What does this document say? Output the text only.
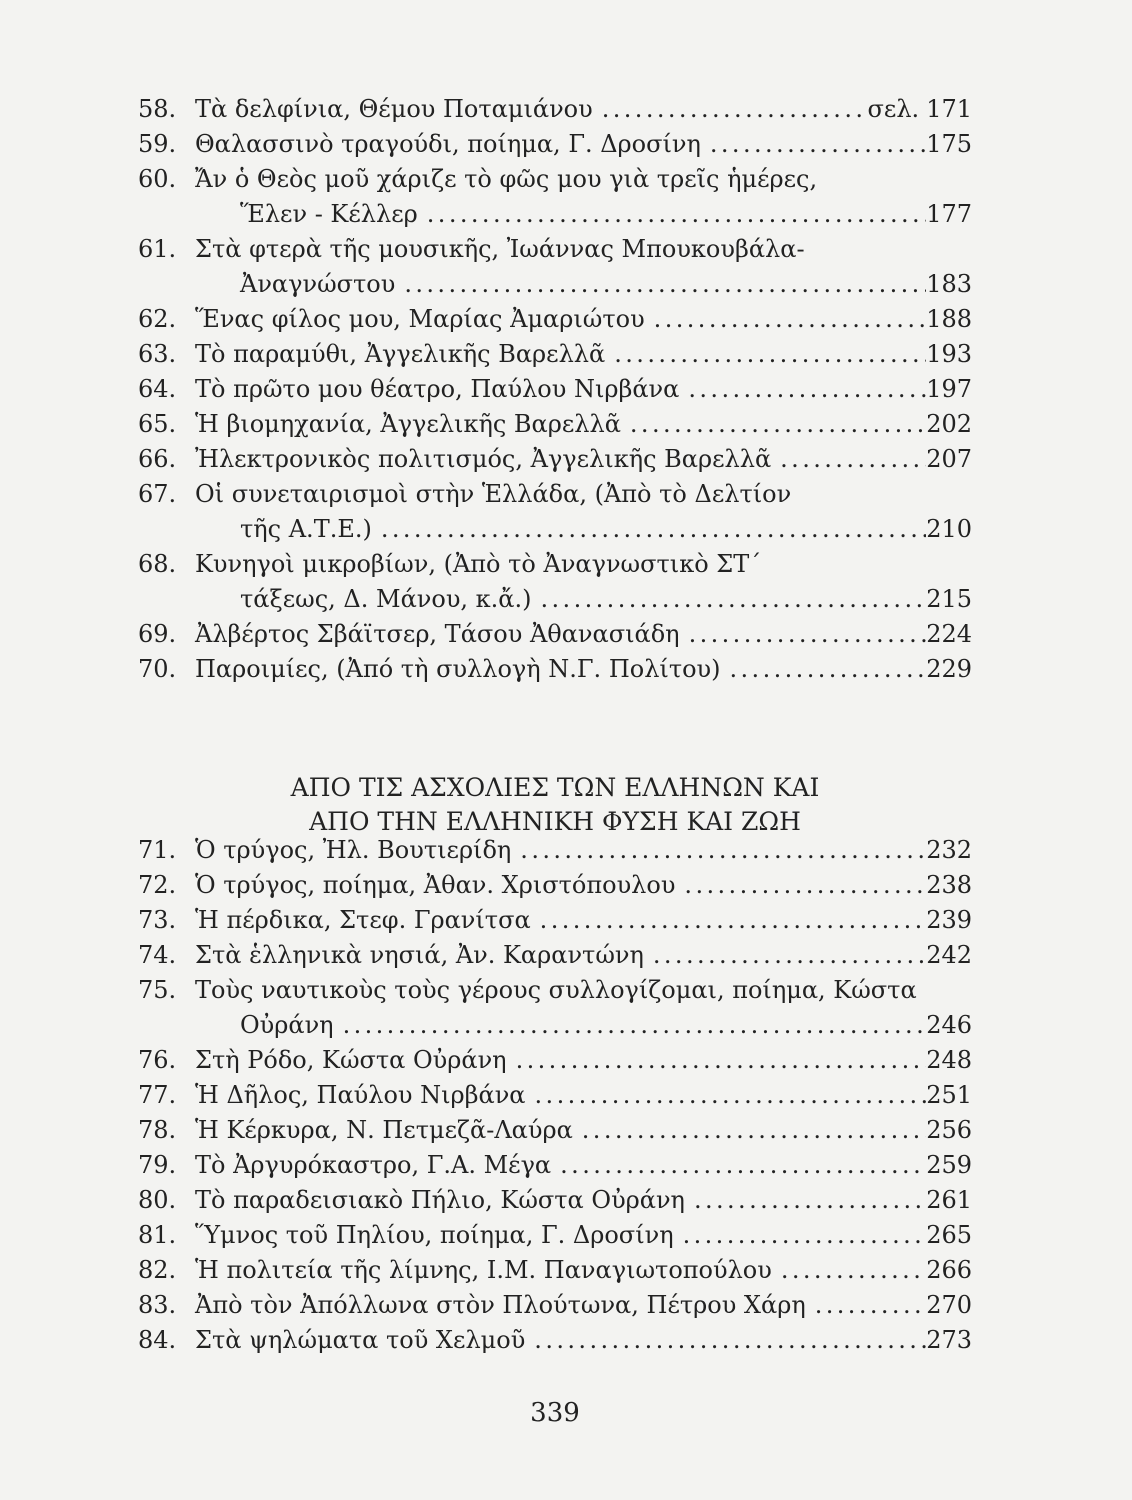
58. Τὰ δελφίνια, Θέμου Ποταμιάνου .....	σελ. 171
59. Θαλασσινὸ τραγούδι, ποίημα, Γ. Δροσίνη .....	175
60. Ἄν ὁ Θεὸς μοῦ χάριζε τὸ φῶς μου γιὰ τρεῖς ἡμέρες,
Ἕλεν - Κέλλερ .....	177
61. Στὰ φτερὰ τῆς μουσικῆς, Ἰωάννας Μπουκουβάλα-
Ἀναγνώστου .....	183
62. Ἕνας φίλος μου, Μαρίας Ἀμαριώτου .....	188
63. Τὸ παραμύθι, Ἀγγελικῆς Βαρελλᾶ .....	193
64. Τὸ πρῶτο μου θέατρο, Παύλου Νιρβάνα .....	197
65. Ἡ βιομηχανία, Ἀγγελικῆς Βαρελλᾶ .....	202
66. Ἠλεκτρονικὸς πολιτισμός, Ἀγγελικῆς Βαρελλᾶ .....	207
67. Οἱ συνεταιρισμοὶ στὴν Ἑλλάδα, (Ἀπὸ τὸ Δελτίον
τῆς Α.Τ.Ε.) .....	210
68. Κυνηγοὶ μικροβίων, (Ἀπὸ τὸ Ἀναγνωστικὸ ΣΤ΄
τάξεως, Δ. Μάνου, κ.ἄ.) .....	215
69. Ἀλβέρτος Σβάϊτσερ, Τάσου Ἀθανασιάδη .....	224
70. Παροιμίες, (Ἀπό τὴ συλλογὴ Ν.Γ. Πολίτου) .....	229
ΑΠΟ ΤΙΣ ΑΣΧΟΛΙΕΣ ΤΩΝ ΕΛΛΗΝΩΝ ΚΑΙ
ΑΠΟ ΤΗΝ ΕΛΛΗΝΙΚΗ ΦΥΣΗ ΚΑΙ ΖΩΗ
71. Ὁ τρύγος, Ἠλ. Βουτιερίδη .....	232
72. Ὁ τρύγος, ποίημα, Ἀθαν. Χριστόπουλου .....	238
73. Ἡ πέρδικα, Στεφ. Γρανίτσα .....	239
74. Στὰ ἑλληνικὰ νησιά, Ἀν. Καραντώνη .....	242
75. Τοὺς ναυτικοὺς τοὺς γέρους συλλογίζομαι, ποίημα, Κώστα
Οὐράνη .....	246
76. Στὴ Ρόδο, Κώστα Οὐράνη .....	248
77. Ἡ Δῆλος, Παύλου Νιρβάνα .....	251
78. Ἡ Κέρκυρα, Ν. Πετμεζᾶ-Λαύρα .....	256
79. Τὸ Ἀργυρόκαστρο, Γ.Α. Μέγα .....	259
80. Τὸ παραδεισιακὸ Πήλιο, Κώστα Οὐράνη .....	261
81. Ὕμνος τοῦ Πηλίου, ποίημα, Γ. Δροσίνη .....	265
82. Ἡ πολιτεία τῆς λίμνης, Ι.Μ. Παναγιωτοπούλου .....	266
83. Ἀπὸ τὸν Ἀπόλλωνα στὸν Πλούτωνα, Πέτρου Χάρη .....	270
84. Στὰ ψηλώματα τοῦ Χελμοῦ .....	273
339
